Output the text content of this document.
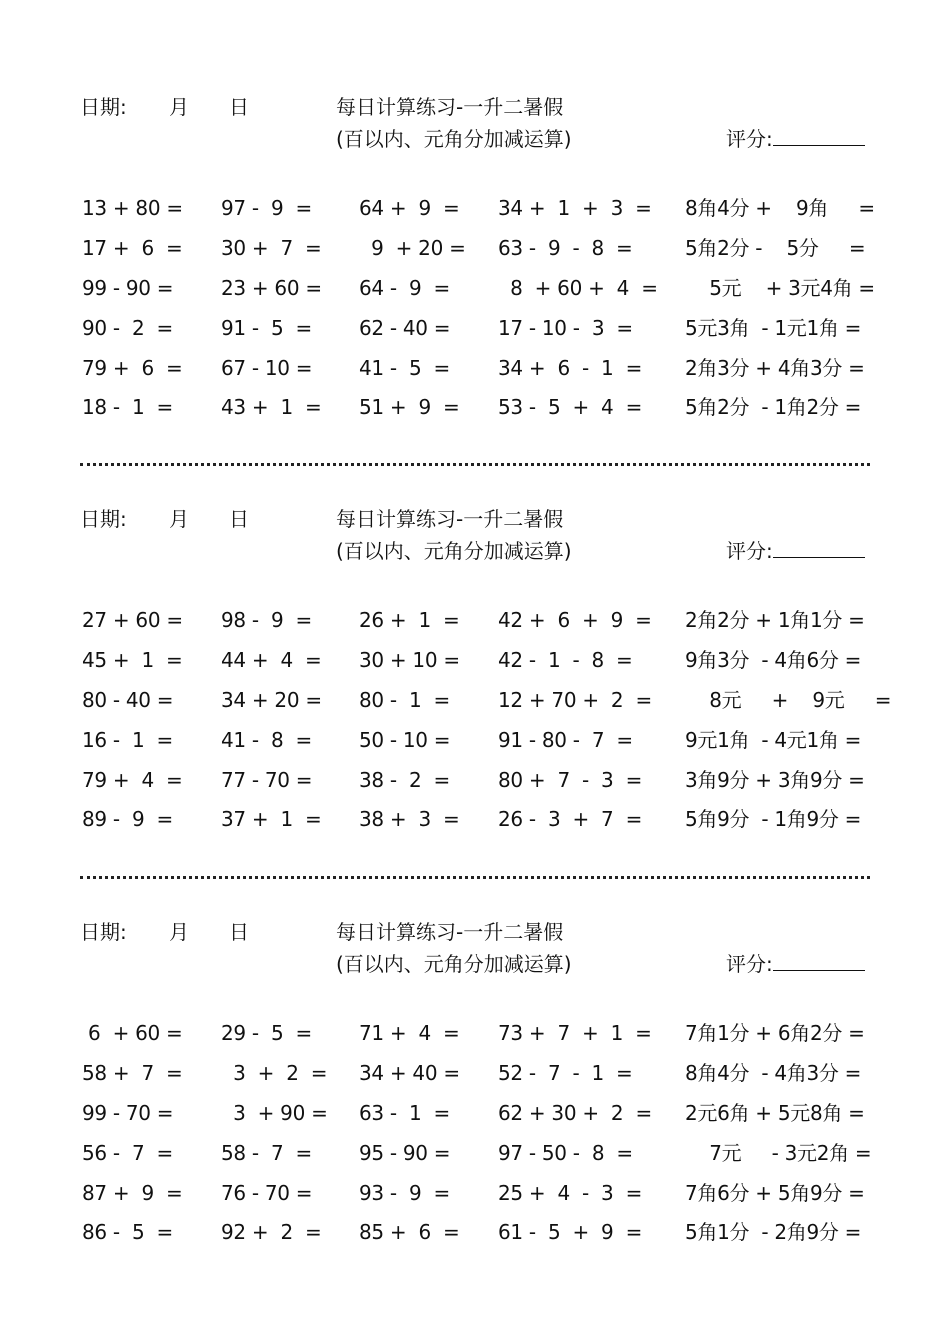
日期: 月 日	每日计算练习-一升二暑假
(百以内、元角分加减运算)	评分:
13 + 80 = 97 -  9  = 64 +  9  = 34 +  1  +  3  = 8角4分 +    9角     =
17 +  6  = 30 +  7  = 9  + 20 = 63 -  9  -  8  =	5角2分 -    5分     =
99 - 90 = 23 + 60 = 64 -  9  = 8  + 60 +  4  = 5元    + 3元4角 =
90 -  2  = 91 -  5  = 62 - 40 = 17 - 10 -  3  =	5元3角  - 1元1角 =
79 +  6  = 67 - 10 = 41 -  5  = 34 +  6  -  1  = 2角3分 + 4角3分 =
18 -  1  = 43 +  1  = 51 +  9  = 53 -  5  +  4  = 5角2分  - 1角2分 =
日期: 月 日	每日计算练习-一升二暑假
(百以内、元角分加减运算)	评分:
27 + 60 = 98 -  9  = 26 +  1  = 42 +  6  +  9  = 2角2分 + 1角1分 =
45 +  1  = 44 +  4  = 30 + 10 = 42 -  1  -  8  =	9角3分  - 4角6分 =
80 - 40 = 34 + 20 = 80 -  1  = 12 + 70 +  2  = 8元     +    9元     =
16 -  1  = 41 -  8  = 50 - 10 = 91 - 80 -  7  =	9元1角  - 4元1角 =
79 +  4  = 77 - 70 = 38 -  2  = 80 +  7  -  3  = 3角9分 + 3角9分 =
89 -  9  = 37 +  1  = 38 +  3  = 26 -  3  +  7  = 5角9分  - 1角9分 =
日期: 月 日	每日计算练习-一升二暑假
(百以内、元角分加减运算)	评分:
6  + 60 = 29 -  5  = 71 +  4  = 73 +  7  +  1  = 7角1分 + 6角2分 =
58 +  7  = 3  +  2  = 34 + 40 = 52 -  7  -  1  =	8角4分  - 4角3分 =
99 - 70 = 3  + 90 = 63 -  1  = 62 + 30 +  2  = 2元6角 + 5元8角 =
56 -  7  = 58 -  7  = 95 - 90 = 97 - 50 -  8  =	7元     - 3元2角 =
87 +  9  = 76 - 70 = 93 -  9  = 25 +  4  -  3  = 7角6分 + 5角9分 =
86 -  5  = 92 +  2  = 85 +  6  = 61 -  5  +  9  = 5角1分  - 2角9分 =
